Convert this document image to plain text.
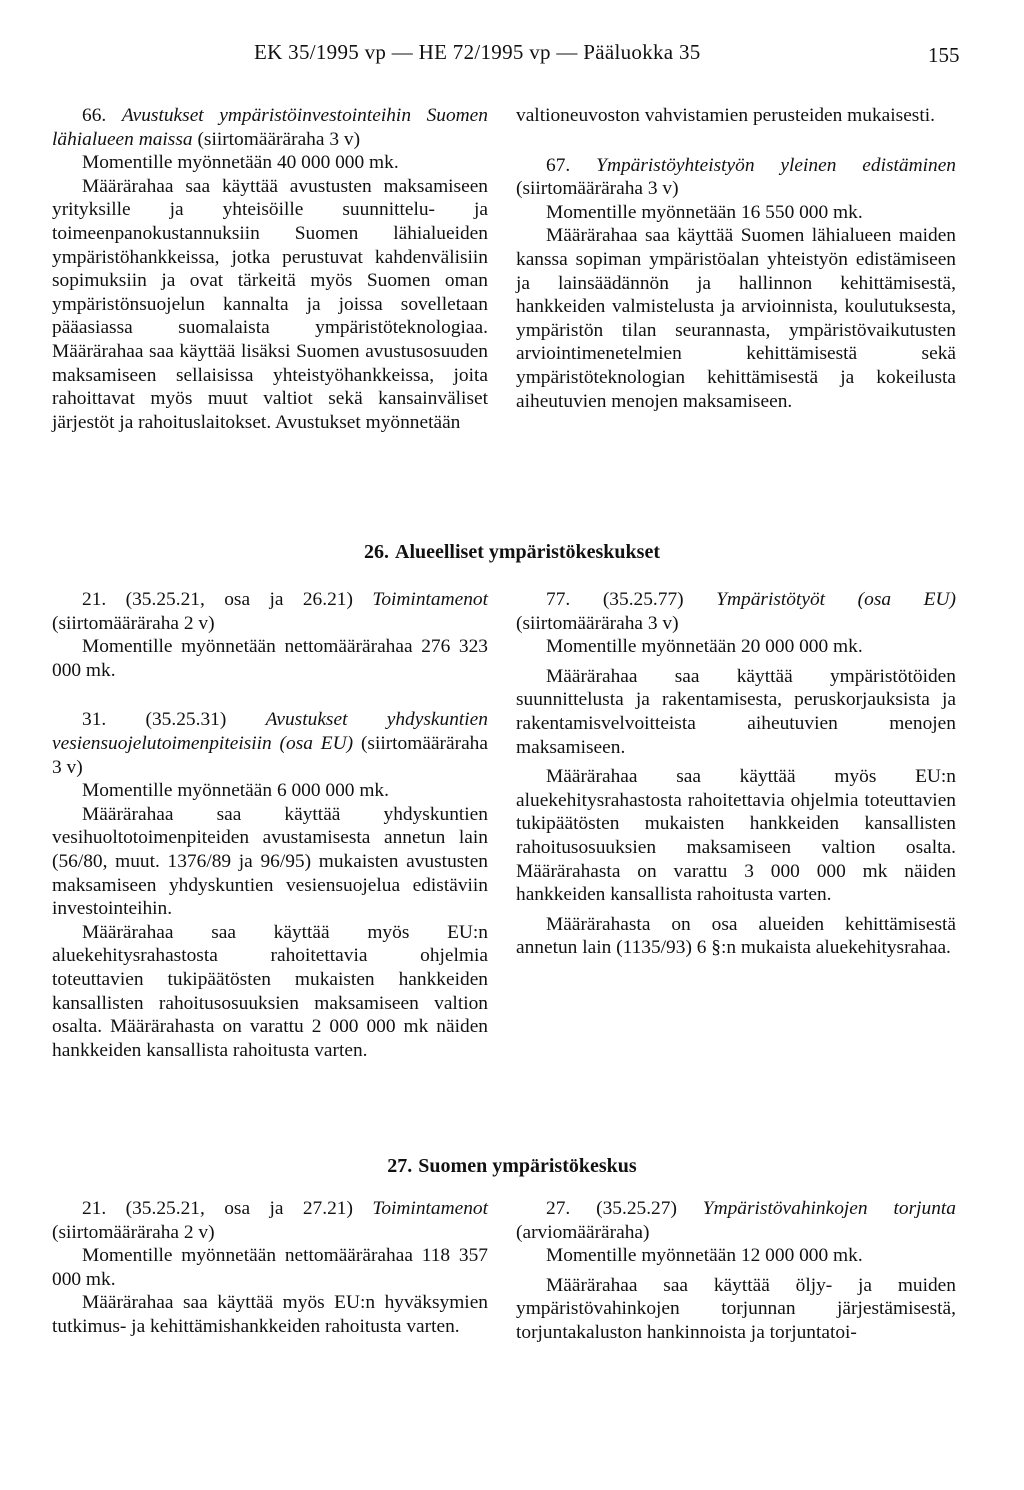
EK 35/1995 vp — HE 72/1995 vp — Pääluokka 35	155

66. Avustukset ympäristöinvestointeihin Suomen lähialueen maissa (siirtomääräraha 3 v)

Momentille myönnetään 40 000 000 mk.

Määrärahaa saa käyttää avustusten maksamiseen yrityksille ja yhteisöille suunnittelu- ja toimeenpanokustannuksiin Suomen lähialueiden ympäristöhankkeissa, jotka perustuvat kahdenvälisiin sopimuksiin ja ovat tärkeitä myös Suomen oman ympäristönsuojelun kannalta ja joissa sovelletaan pääasiassa suomalaista ympäristöteknologiaa. Määrärahaa saa käyttää lisäksi Suomen avustusosuuden maksamiseen sellaisissa yhteistyöhankkeissa, joita rahoittavat myös muut valtiot sekä kansainväliset järjestöt ja rahoituslaitokset. Avustukset myönnetään

valtioneuvoston vahvistamien perusteiden mukaisesti.

67. Ympäristöyhteistyön yleinen edistäminen (siirtomääräraha 3 v)

Momentille myönnetään 16 550 000 mk.

Määrärahaa saa käyttää Suomen lähialueen maiden kanssa sopiman ympäristöalan yhteistyön edistämiseen ja lainsäädännön ja hallinnon kehittämisestä, hankkeiden valmistelusta ja arvioinnista, koulutuksesta, ympäristön tilan seurannasta, ympäristövaikutusten arviointimenetelmien kehittämisestä sekä ympäristöteknologian kehittämisestä ja kokeilusta aiheutuvien menojen maksamiseen.

26. Alueelliset ympäristökeskukset

21. (35.25.21, osa ja 26.21) Toimintamenot (siirtomääräraha 2 v)

Momentille myönnetään nettomäärärahaa 276 323 000 mk.

31. (35.25.31) Avustukset yhdyskuntien vesiensuojelutoimenpiteisiin (osa EU) (siirtomääräraha 3 v)

Momentille myönnetään 6 000 000 mk.

Määrärahaa saa käyttää yhdyskuntien vesihuoltotoimenpiteiden avustamisesta annetun lain (56/80, muut. 1376/89 ja 96/95) mukaisten avustusten maksamiseen yhdyskuntien vesiensuojelua edistäviin investointeihin.

Määrärahaa saa käyttää myös EU:n aluekehitysrahastosta rahoitettavia ohjelmia toteuttavien tukipäätösten mukaisten hankkeiden kansallisten rahoitusosuuksien maksamiseen valtion osalta. Määrärahasta on varattu 2 000 000 mk näiden hankkeiden kansallista rahoitusta varten.

77. (35.25.77) Ympäristötyöt (osa EU) (siirtomääräraha 3 v)

Momentille myönnetään 20 000 000 mk.

Määrärahaa saa käyttää ympäristötöiden suunnittelusta ja rakentamisesta, peruskorjauksista ja rakentamisvelvoitteista aiheutuvien menojen maksamiseen.

Määrärahaa saa käyttää myös EU:n aluekehitysrahastosta rahoitettavia ohjelmia toteuttavien tukipäätösten mukaisten hankkeiden kansallisten rahoitusosuuksien maksamiseen valtion osalta. Määrärahasta on varattu 3 000 000 mk näiden hankkeiden kansallista rahoitusta varten.

Määrärahasta on osa alueiden kehittämisestä annetun lain (1135/93) 6 §:n mukaista aluekehitysrahaa.

27. Suomen ympäristökeskus

21. (35.25.21, osa ja 27.21) Toimintamenot (siirtomääräraha 2 v)

Momentille myönnetään nettomäärärahaa 118 357 000 mk.

Määrärahaa saa käyttää myös EU:n hyväksymien tutkimus- ja kehittämishankkeiden rahoitusta varten.

27. (35.25.27) Ympäristövahinkojen torjunta (arviomääräraha)

Momentille myönnetään 12 000 000 mk.

Määrärahaa saa käyttää öljy- ja muiden ympäristövahinkojen torjunnan järjestämisestä, torjuntakaluston hankinnoista ja torjuntatoi-
